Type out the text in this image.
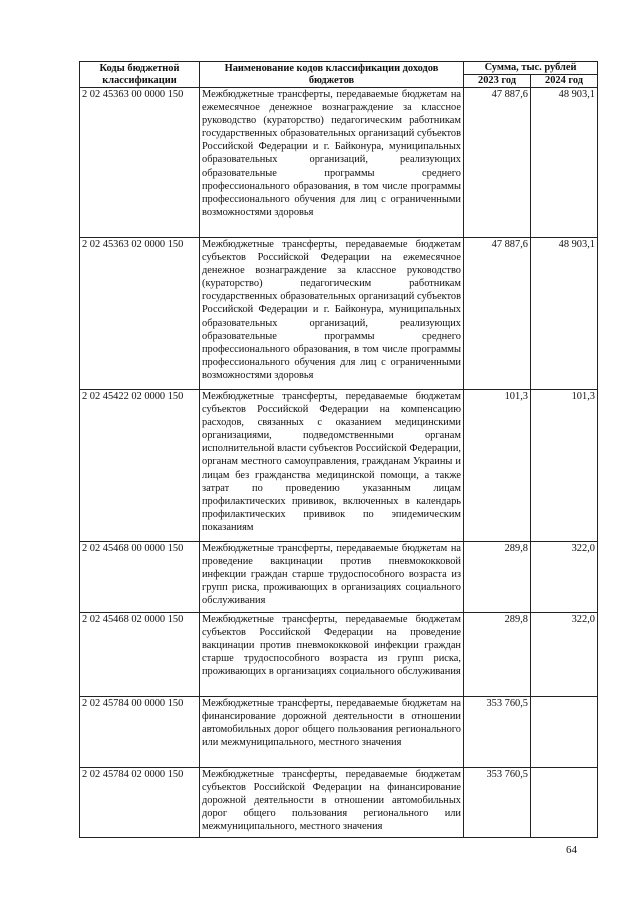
Коды бюджетной классификации	Наименование кодов классификации доходов бюджетов	Сумма, тыс. рублей	
		2023 год	2024 год
2 02 45363 00 0000 150	Межбюджетные трансферты, передаваемые бюджетам на ежемесячное денежное вознаграждение за классное руководство (кураторство) педагогическим работникам государственных образовательных организаций субъектов Российской Федерации и г. Байконура, муниципальных образовательных организаций, реализующих образовательные программы среднего профессионального образования, в том числе программы профессионального обучения для лиц с ограниченными возможностями здоровья	47 887,6	48 903,1
2 02 45363 02 0000 150	Межбюджетные трансферты, передаваемые бюджетам субъектов Российской Федерации на ежемесячное денежное вознаграждение за классное руководство (кураторство) педагогическим работникам государственных образовательных организаций субъектов Российской Федерации и г. Байконура, муниципальных образовательных организаций, реализующих образовательные программы среднего профессионального образования, в том числе программы профессионального обучения для лиц с ограниченными возможностями здоровья	47 887,6	48 903,1
2 02 45422 02 0000 150	Межбюджетные трансферты, передаваемые бюджетам субъектов Российской Федерации на компенсацию расходов, связанных с оказанием медицинскими организациями, подведомственными органам исполнительной власти субъектов Российской Федерации, органам местного самоуправления, гражданам Украины и лицам без гражданства медицинской помощи, а также затрат по проведению указанным лицам профилактических прививок, включенных в календарь профилактических прививок по эпидемическим показаниям	101,3	101,3
2 02 45468 00 0000 150	Межбюджетные трансферты, передаваемые бюджетам на проведение вакцинации против пневмококковой инфекции граждан старше трудоспособного возраста из групп риска, проживающих в организациях социального обслуживания	289,8	322,0
2 02 45468 02 0000 150	Межбюджетные трансферты, передаваемые бюджетам субъектов Российской Федерации на проведение вакцинации против пневмококковой инфекции граждан старше трудоспособного возраста из групп риска, проживающих в организациях социального обслуживания	289,8	322,0
2 02 45784 00 0000 150	Межбюджетные трансферты, передаваемые бюджетам на финансирование дорожной деятельности в отношении автомобильных дорог общего пользования регионального или межмуниципального, местного значения	353 760,5	
2 02 45784 02 0000 150	Межбюджетные трансферты, передаваемые бюджетам субъектов Российской Федерации на финансирование дорожной деятельности в отношении автомобильных дорог общего пользования регионального или межмуниципального, местного значения	353 760,5	
64
